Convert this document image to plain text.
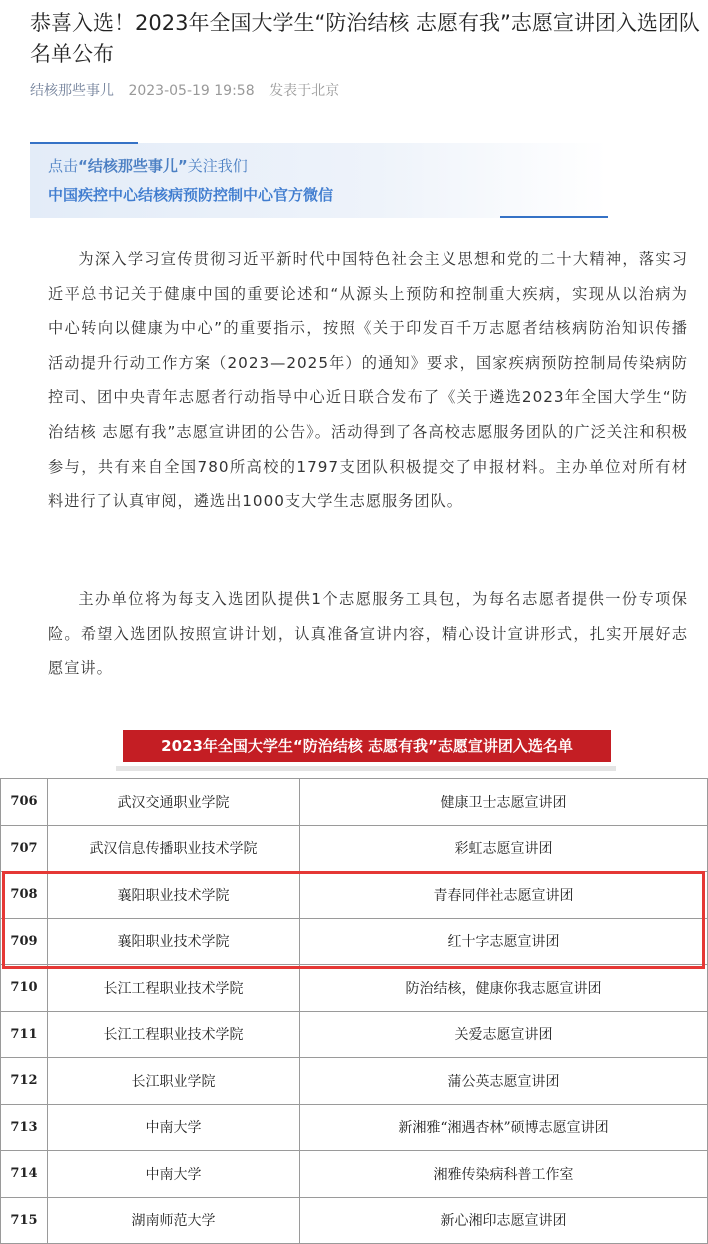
恭喜入选！2023年全国大学生“防治结核 志愿有我”志愿宣讲团入选团队名单公布
结核那些事儿 2023-05-19 19:58 发表于北京
点击“结核那些事儿”关注我们
中国疾控中心结核病预防控制中心官方微信

为深入学习宣传贯彻习近平新时代中国特色社会主义思想和党的二十大精神，落实习近平总书记关于健康中国的重要论述和“从源头上预防和控制重大疾病，实现从以治病为中心转向以健康为中心”的重要指示，按照《关于印发百千万志愿者结核病防治知识传播活动提升行动工作方案（2023—2025年）的通知》要求，国家疾病预防控制局传染病防控司、团中央青年志愿者行动指导中心近日联合发布了《关于遴选2023年全国大学生“防治结核 志愿有我”志愿宣讲团的公告》。活动得到了各高校志愿服务团队的广泛关注和积极参与，共有来自全国780所高校的1797支团队积极提交了申报材料。主办单位对所有材料进行了认真审阅，遴选出1000支大学生志愿服务团队。

主办单位将为每支入选团队提供1个志愿服务工具包，为每名志愿者提供一份专项保险。希望入选团队按照宣讲计划，认真准备宣讲内容，精心设计宣讲形式，扎实开展好志愿宣讲。

2023年全国大学生“防治结核 志愿有我”志愿宣讲团入选名单
706	武汉交通职业学院	健康卫士志愿宣讲团
707	武汉信息传播职业技术学院	彩虹志愿宣讲团
708	襄阳职业技术学院	青春同伴社志愿宣讲团
709	襄阳职业技术学院	红十字志愿宣讲团
710	长江工程职业技术学院	防治结核，健康你我志愿宣讲团
711	长江工程职业技术学院	关爱志愿宣讲团
712	长江职业学院	蒲公英志愿宣讲团
713	中南大学	新湘雅“湘遇杏林”硕博志愿宣讲团
714	中南大学	湘雅传染病科普工作室
715	湖南师范大学	新心湘印志愿宣讲团
